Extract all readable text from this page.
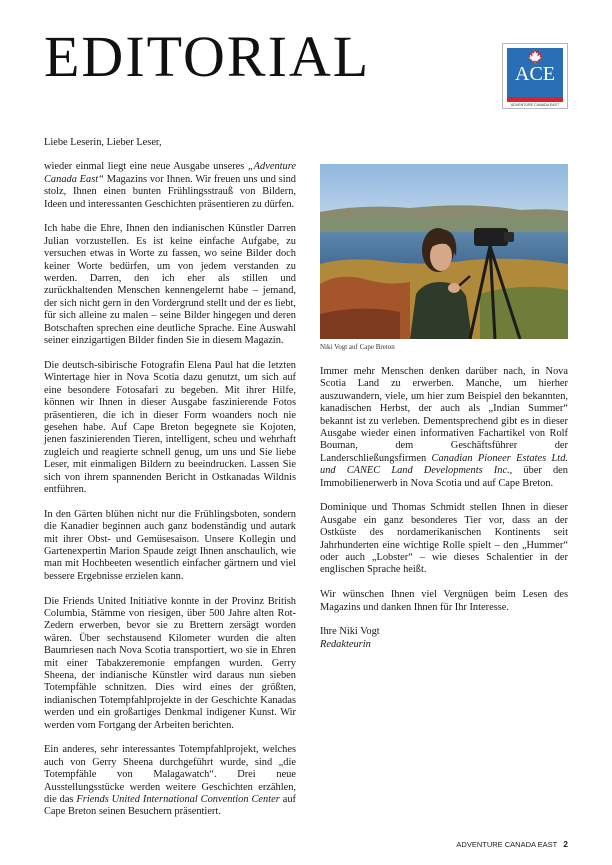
EDITORIAL	ACE
ADVENTURE CANADA EAST

Liebe Leserin, Lieber Leser,

wieder einmal liegt eine neue Ausgabe unseres „Adventure Canada East“ Magazins vor Ihnen. Wir freuen uns und sind stolz, Ihnen einen bunten Frühlingsstrauß von Bildern, Ideen und interessanten Geschichten präsentieren zu dürfen.

Ich habe die Ehre, Ihnen den indianischen Künstler Darren Julian vorzustellen. Es ist keine einfache Aufgabe, zu versuchen etwas in Worte zu fassen, wo seine Bilder doch keiner Worte bedürfen, um von jedem verstanden zu werden. Darren, den ich eher als stillen und zurückhaltenden Menschen kennengelernt habe – jemand, der sich nicht gern in den Vordergrund stellt und der es liebt, für sich alleine zu malen – seine Bilder hingegen und deren Botschaften sprechen eine deutliche Sprache. Eine Auswahl seiner einzigartigen Bilder finden Sie in diesem Magazin.

Die deutsch-sibirische Fotografin Elena Paul hat die letzten Wintertage hier in Nova Scotia dazu genutzt, um sich auf eine besondere Fotosafari zu begeben. Mit ihrer Hilfe, können wir Ihnen in dieser Ausgabe faszinierende Fotos präsentieren, die ich in dieser Form woanders noch nie gesehen habe. Auf Cape Breton begegnete sie Kojoten, jenen faszinierenden Tieren, intelligent, scheu und wehrhaft zugleich und reagierte schnell genug, um uns und Sie liebe Leser, mit einmaligen Bildern zu beeindrucken. Lassen Sie sich von ihrem spannenden Bericht in Ostkanadas Wildnis entführen.

In den Gärten blühen nicht nur die Frühlingsboten, sondern die Kanadier beginnen auch ganz bodenständig und autark mit ihrer Obst- und Gemüsesaison. Unsere Kollegin und Gartenexpertin Marion Spaude zeigt Ihnen anschaulich, wie man mit Hochbeeten wesentlich einfacher gärtnern und viel bessere Ergebnisse erzielen kann.

Die Friends United Initiative konnte in der Provinz British Columbia, Stämme von riesigen, über 500 Jahre alten Rot-Zedern erwerben, bevor sie zu Brettern zersägt worden wären. Über sechstausend Kilometer wurden die alten Baumriesen nach Nova Scotia transportiert, wo sie in Ehren mit einer Tabakzeremonie empfangen wurden. Gerry Sheena, der indianische Künstler wird daraus nun sieben Totempfähle schnitzen. Dies wird eines der größten, indianischen Totempfahlprojekte in der Geschichte Kanadas werden und ein großartiges Denkmal indigener Kunst. Wir werden vom Fortgang der Arbeiten berichten.

Ein anderes, sehr interessantes Totempfahlprojekt, welches auch von Gerry Sheena durchgeführt wurde, sind „die Totempfähle von Malagawatch“. Drei neue Ausstellungsstücke werden weitere Geschichten erzählen, die das Friends United International Convention Center auf Cape Breton seinen Besuchern präsentiert.

Niki Vogt auf Cape Breton

Immer mehr Menschen denken darüber nach, in Nova Scotia Land zu erwerben. Manche, um hierher auszuwandern, viele, um hier zum Beispiel den bekannten, kanadischen Herbst, der auch als „Indian Summer“ bekannt ist zu verleben. Dementsprechend gibt es in dieser Ausgabe wieder einen informativen Fachartikel von Rolf Bouman, dem Geschäftsführer der Landerschließungsfirmen Canadian Pioneer Estates Ltd. und CANEC Land Developments Inc., über den Immobilienerwerb in Nova Scotia und auf Cape Breton.

Dominique und Thomas Schmidt stellen Ihnen in dieser Ausgabe ein ganz besonderes Tier vor, dass an der Ostküste des nordamerikanischen Kontinents seit Jahrhunderten eine wichtige Rolle spielt – den „Hummer“ oder auch „Lobster“ – wie dieses Schalentier in der englischen Sprache heißt.

Wir wünschen Ihnen viel Vergnügen beim Lesen des Magazins und danken Ihnen für Ihr Interesse.

Ihre Niki Vogt
Redakteurin

ADVENTURE CANADA EAST 2
